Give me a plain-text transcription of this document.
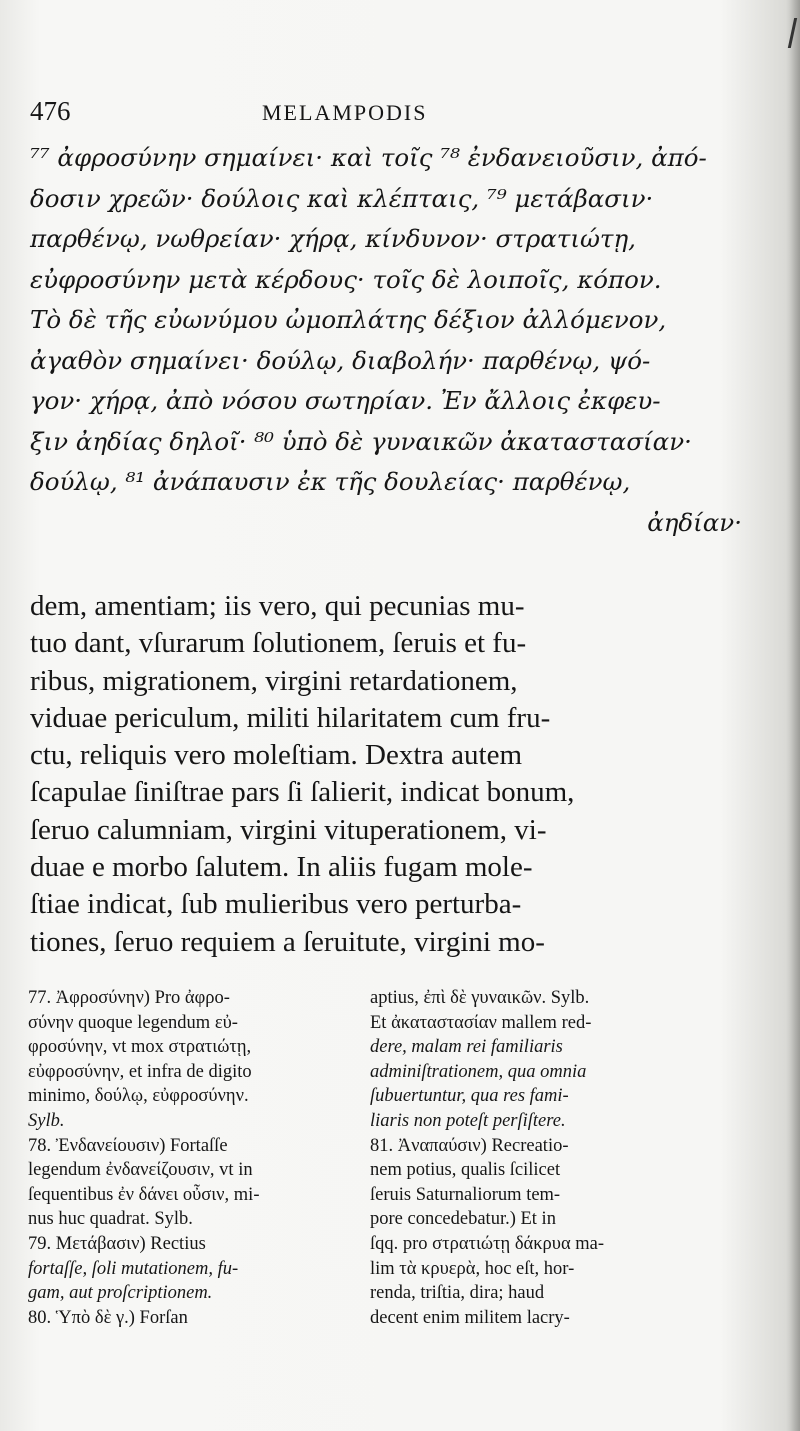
476	MELAMPODIS
⁷⁷ ἀφροσύνην σημαίνει· καὶ τοῖς ⁷⁸ ἐνδανειοῦσιν, ἀπό-
δοσιν χρεῶν· δούλοις καὶ κλέπταις, ⁷⁹ μετάβασιν·
παρθένῳ, νωθρείαν· χήρᾳ, κίνδυνον· στρατιώτῃ,
εὐφροσύνην μετὰ κέρδους· τοῖς δὲ λοιποῖς, κόπον.
Τὸ δὲ τῆς εὐωνύμου ὠμοπλάτης δέξιον ἀλλόμενον,
ἀγαθὸν σημαίνει· δούλῳ, διαβολήν· παρθένῳ, ψό-
γον· χήρᾳ, ἀπὸ νόσου σωτηρίαν. Ἐν ἄλλοις ἐκφευ-
ξιν ἀηδίας δηλοῖ· ⁸⁰ ὑπὸ δὲ γυναικῶν ἀκαταστασίαν·
δούλῳ, ⁸¹ ἀνάπαυσιν ἐκ τῆς δουλείας· παρθένῳ,
ἀηδίαν·
dem, amentiam; iis vero, qui pecunias mu-
tuo dant, vſurarum ſolutionem, ſeruis et fu-
ribus, migrationem, virgini retardationem,
viduae periculum, militi hilaritatem cum fru-
ctu, reliquis vero moleſtiam. Dextra autem
ſcapulae ſiniſtrae pars ſi ſalierit, indicat bonum,
ſeruo calumniam, virgini vituperationem, vi-
duae e morbo ſalutem. In aliis fugam mole-
ſtiae indicat, ſub mulieribus vero perturba-
tiones, ſeruo requiem a ſeruitute, virgini mo-
77. Ἀφροσύνην) Pro ἀφρο-
σύνην quoque legendum εὐ-
φροσύνην, vt mox στρατιώτῃ,
εὐφροσύνην, et infra de digito
minimo, δούλῳ, εὐφροσύνην.
Sylb.
78. Ἐνδανείουσιν) Fortaſſe
legendum ἐνδανείζουσιν, vt in
ſequentibus ἐν δάνει οὖσιν, mi-
nus huc quadrat. Sylb.
79. Μετάβασιν) Rectius
fortaſſe, ſoli mutationem, fu-
gam, aut proſcriptionem.
80. Ὑπὸ δὲ γ.) Forſan
aptius, ἐπὶ δὲ γυναικῶν. Sylb.
Et ἀκαταστασίαν mallem red-
dere, malam rei familiaris
adminiſtrationem, qua omnia
ſubuertuntur, qua res fami-
liaris non poteſt perſiſtere.
81. Ἀναπαύσιν) Recreatio-
nem potius, qualis ſcilicet
ſeruis Saturnaliorum tem-
pore concedebatur.) Et in
ſqq. pro στρατιώτῃ δάκρυα ma-
lim τὰ κρυερὰ, hoc eſt, hor-
renda, triſtia, dira; haud
decent enim militem lacry-
